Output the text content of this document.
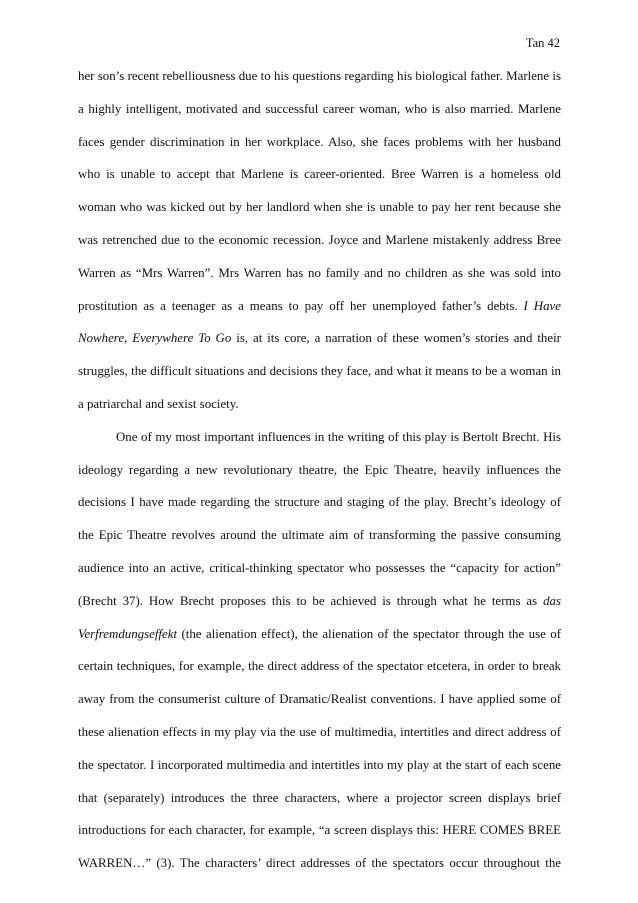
Tan 42
her son’s recent rebelliousness due to his questions regarding his biological father. Marlene is
a highly intelligent, motivated and successful career woman, who is also married. Marlene
faces gender discrimination in her workplace. Also, she faces problems with her husband
who is unable to accept that Marlene is career-oriented. Bree Warren is a homeless old
woman who was kicked out by her landlord when she is unable to pay her rent because she
was retrenched due to the economic recession. Joyce and Marlene mistakenly address Bree
Warren as “Mrs Warren”. Mrs Warren has no family and no children as she was sold into
prostitution as a teenager as a means to pay off her unemployed father’s debts. I Have
Nowhere, Everywhere To Go is, at its core, a narration of these women’s stories and their
struggles, the difficult situations and decisions they face, and what it means to be a woman in
a patriarchal and sexist society.
One of my most important influences in the writing of this play is Bertolt Brecht. His
ideology regarding a new revolutionary theatre, the Epic Theatre, heavily influences the
decisions I have made regarding the structure and staging of the play. Brecht’s ideology of
the Epic Theatre revolves around the ultimate aim of transforming the passive consuming
audience into an active, critical-thinking spectator who possesses the “capacity for action”
(Brecht 37). How Brecht proposes this to be achieved is through what he terms as das
Verfremdungseffekt (the alienation effect), the alienation of the spectator through the use of
certain techniques, for example, the direct address of the spectator etcetera, in order to break
away from the consumerist culture of Dramatic/Realist conventions. I have applied some of
these alienation effects in my play via the use of multimedia, intertitles and direct address of
the spectator. I incorporated multimedia and intertitles into my play at the start of each scene
that (separately) introduces the three characters, where a projector screen displays brief
introductions for each character, for example, “a screen displays this: HERE COMES BREE
WARREN…” (3). The characters’ direct addresses of the spectators occur throughout the
